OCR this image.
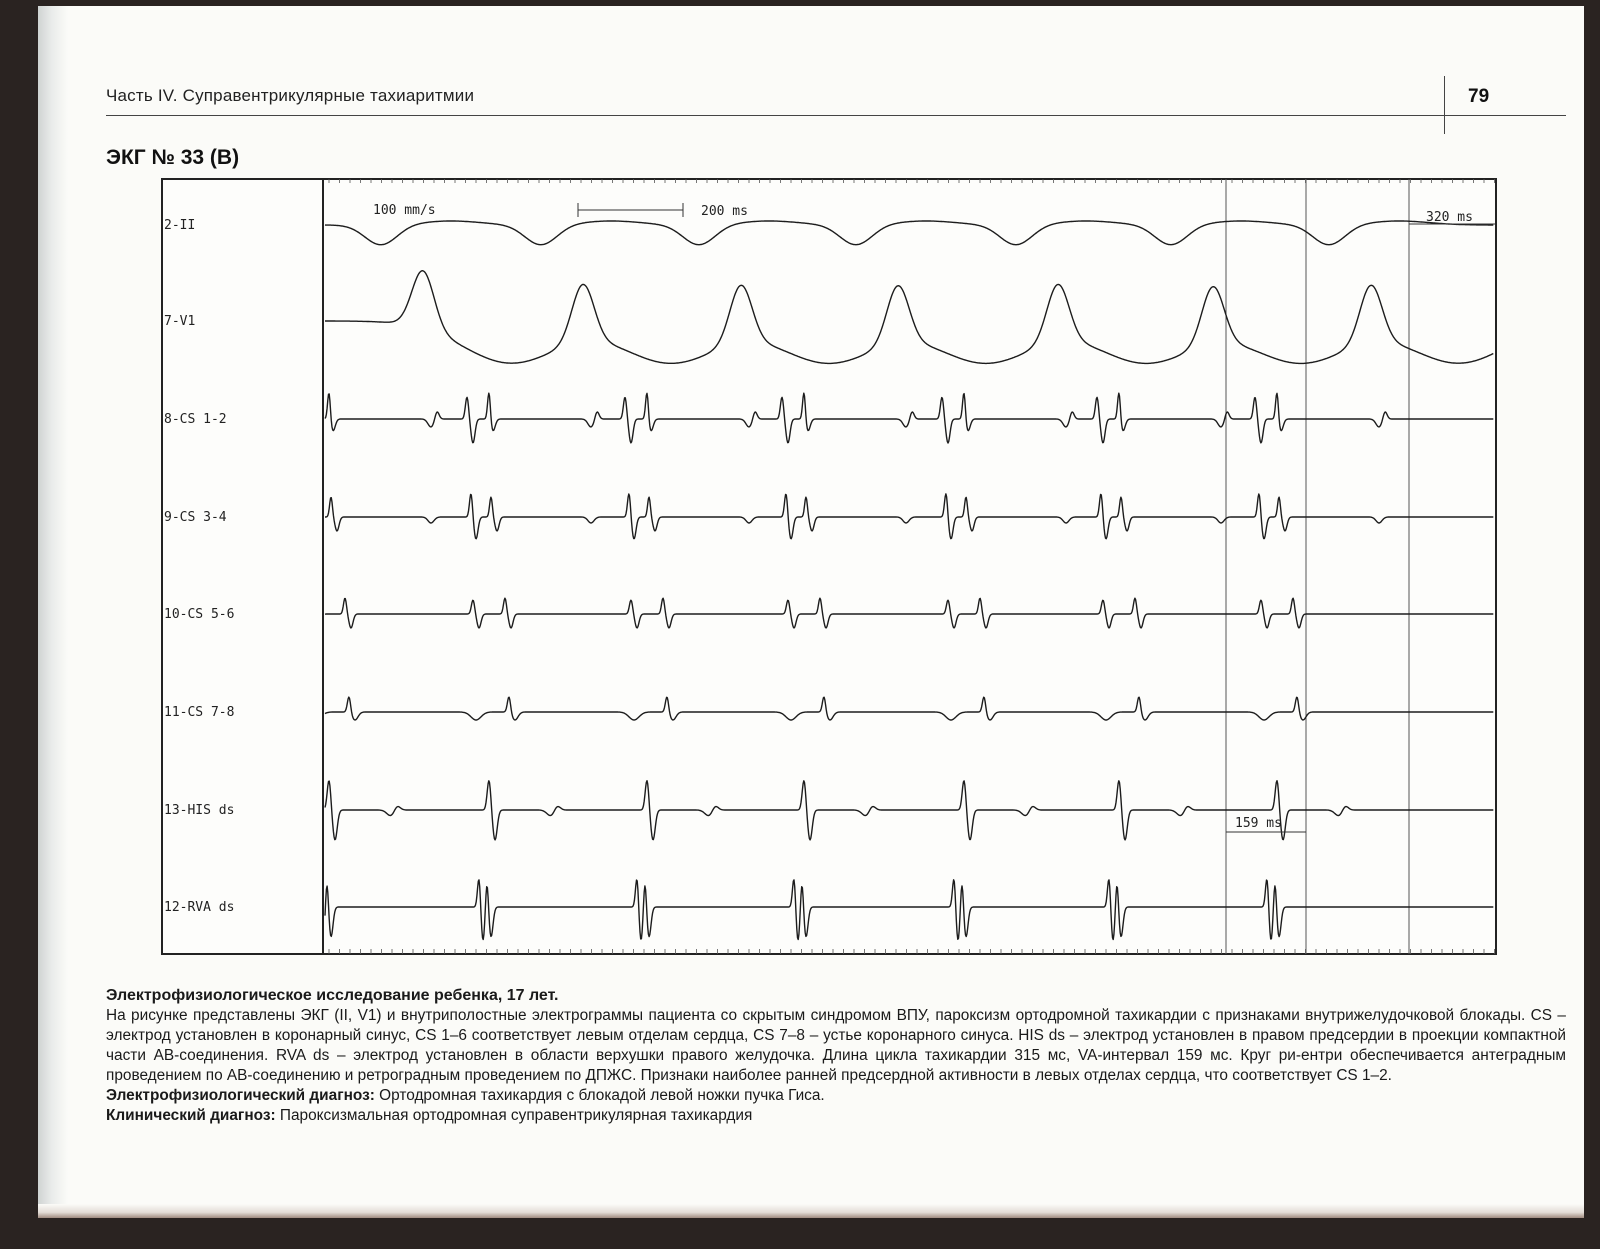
Часть IV. Суправентрикулярные тахиаритмии	79
ЭКГ № 33 (В)
2-II
7-V1
8-CS 1-2
9-CS 3-4
10-CS 5-6
11-CS 7-8
13-HIS ds
12-RVA ds
100 mm/s	200 ms	320 ms
159 ms

Электрофизиологическое исследование ребенка, 17 лет.

На рисунке представлены ЭКГ (II, V1) и внутриполостные электрограммы пациента со скрытым синдромом ВПУ, пароксизм ортодромной тахикардии с признаками внутрижелудочковой блокады. CS – электрод установлен в коронарный синус, CS 1–6 соответствует левым отделам сердца, CS 7–8 – устье коронарного синуса. HIS ds – электрод установлен в правом предсердии в проекции компактной части АВ-соединения. RVA ds – электрод установлен в области верхушки правого желудочка. Длина цикла тахикардии 315 мс, VA-интервал 159 мс. Круг ри-ентри обеспечивается антеградным проведением по АВ-соединению и ретроградным проведением по ДПЖС. Признаки наиболее ранней предсердной активности в левых отделах сердца, что соответствует CS 1–2.

Электрофизиологический диагноз: Ортодромная тахикардия с блокадой левой ножки пучка Гиса.

Клинический диагноз: Пароксизмальная ортодромная суправентрикулярная тахикардия
